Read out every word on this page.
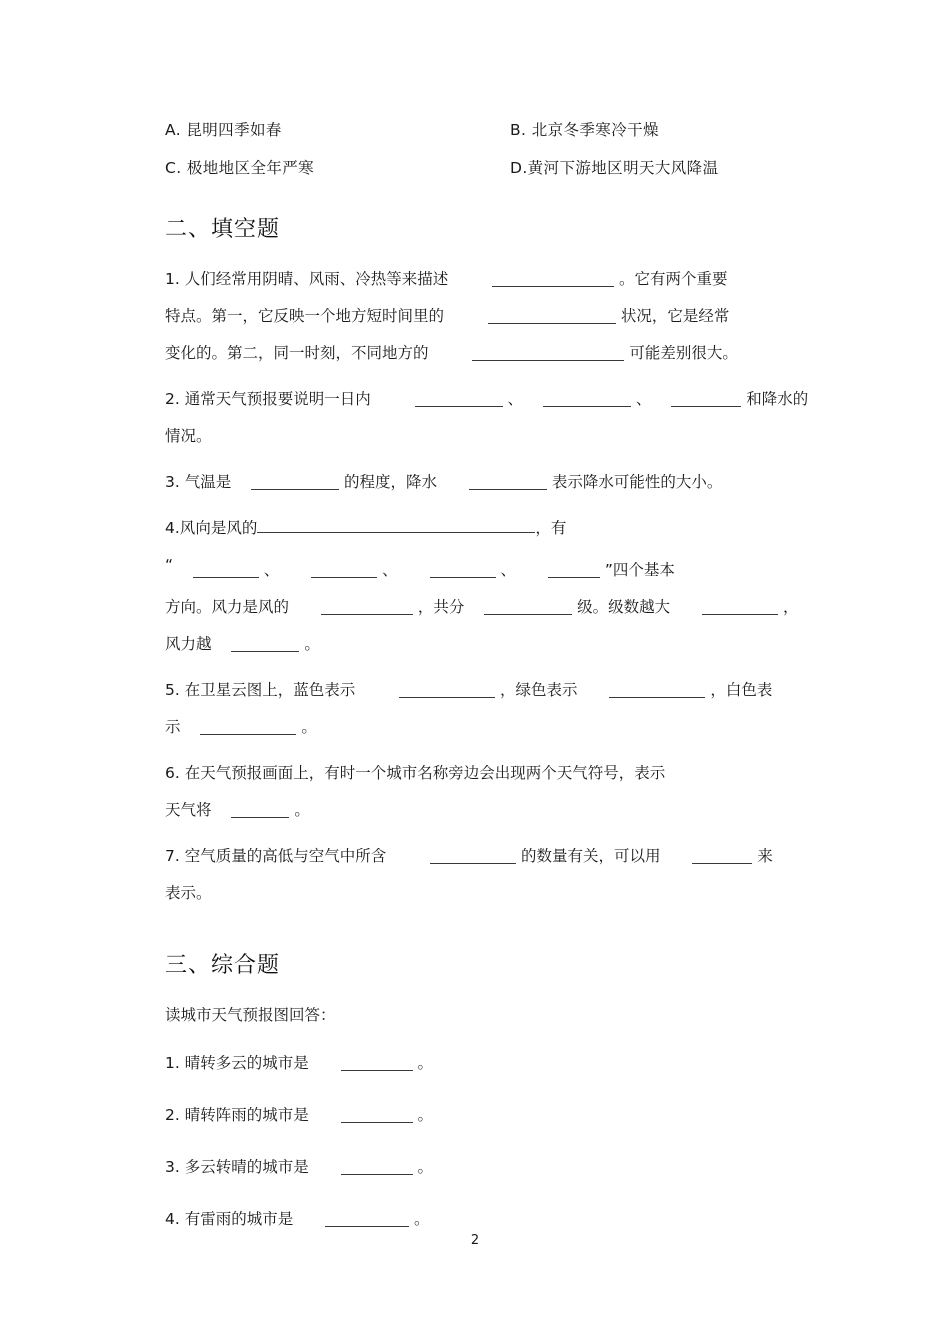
A. 昆明四季如春	B. 北京冬季寒冷干燥
C. 极地地区全年严寒	D.黄河下游地区明天大风降温
二、填空题
1. 人们经常用阴晴、风雨、冷热等来描述	。它有两个重要
特点。第一，它反映一个地方短时间里的	状况，它是经常
变化的。第二，同一时刻，不同地方的	可能差别很大。
2. 通常天气预报要说明一日内	、	、	和降水的
情况。
3. 气温是	的程度，降水	表示降水可能性的大小。
4. 风 向 是 风 的	， 有
“	、	、	、	”四个基本
方向。风力是风的	，共分	级。级数越大	，
风力越	。
5. 在卫星云图上，蓝色表示	，绿色表示	，白色表
示	。
6. 在天气预报画面上，有时一个城市名称旁边会出现两个天气符号，表示
天气将	。
7. 空气质量的高低与空气中所含	的数量有关，可以用	来
表示。
三、综合题

读城市天气预报图回答：

1. 晴转多云的城市是	。
2. 晴转阵雨的城市是	。
3. 多云转晴的城市是	。
4. 有雷雨的城市是	。
2
